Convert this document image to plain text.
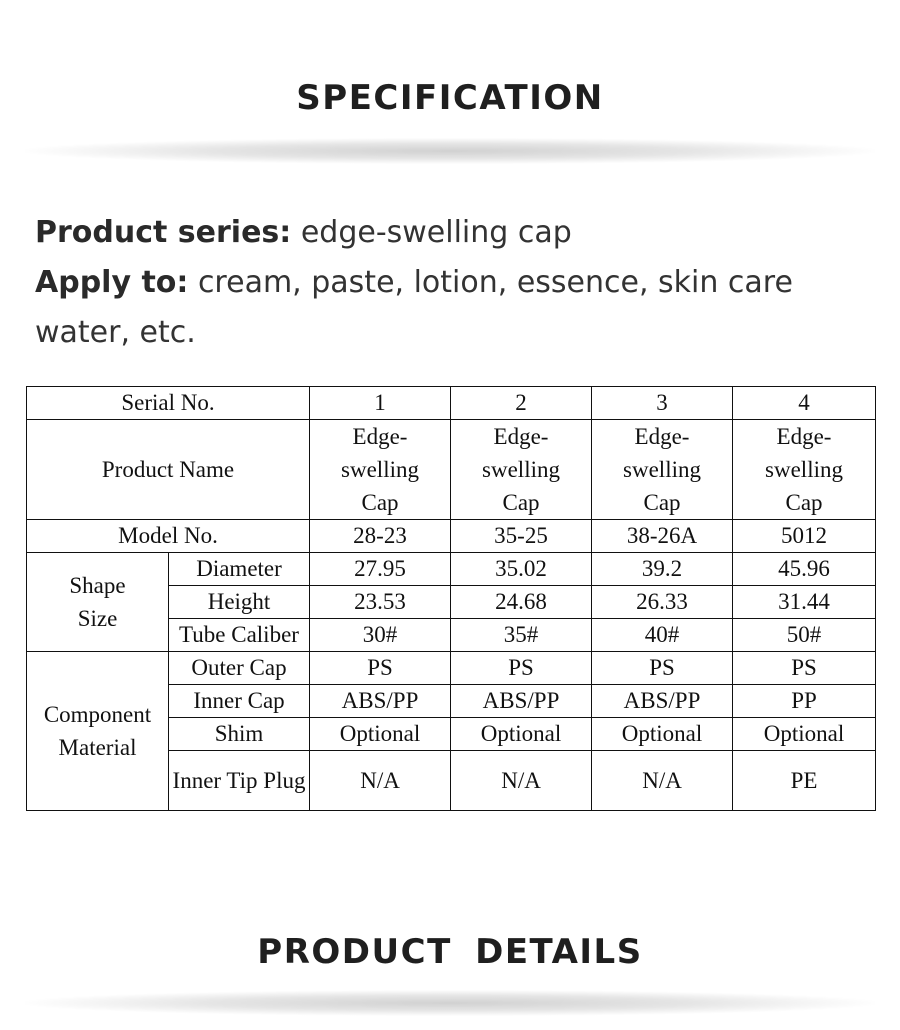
SPECIFICATION
Product series: edge-swelling cap
Apply to: cream, paste, lotion, essence, skin care water, etc.
Serial No.		1	2	3	4
Product Name		Edge-
swelling
Cap	Edge-
swelling
Cap	Edge-
swelling
Cap	Edge-
swelling
Cap

Model No.		28-23	35-25	38-26A	5012

Shape
Size	Diameter	27.95	35.02	39.2	45.96
	Height	23.53	24.68	26.33	31.44
	Tube Caliber	30#	35#	40#	50#

Component
Material	Outer Cap	PS	PS	PS	PS
	Inner Cap	ABS/PP	ABS/PP	ABS/PP	PP
	Shim	Optional	Optional	Optional	Optional
	Inner Tip Plug	N/A	N/A	N/A	PE
PRODUCT DETAILS
